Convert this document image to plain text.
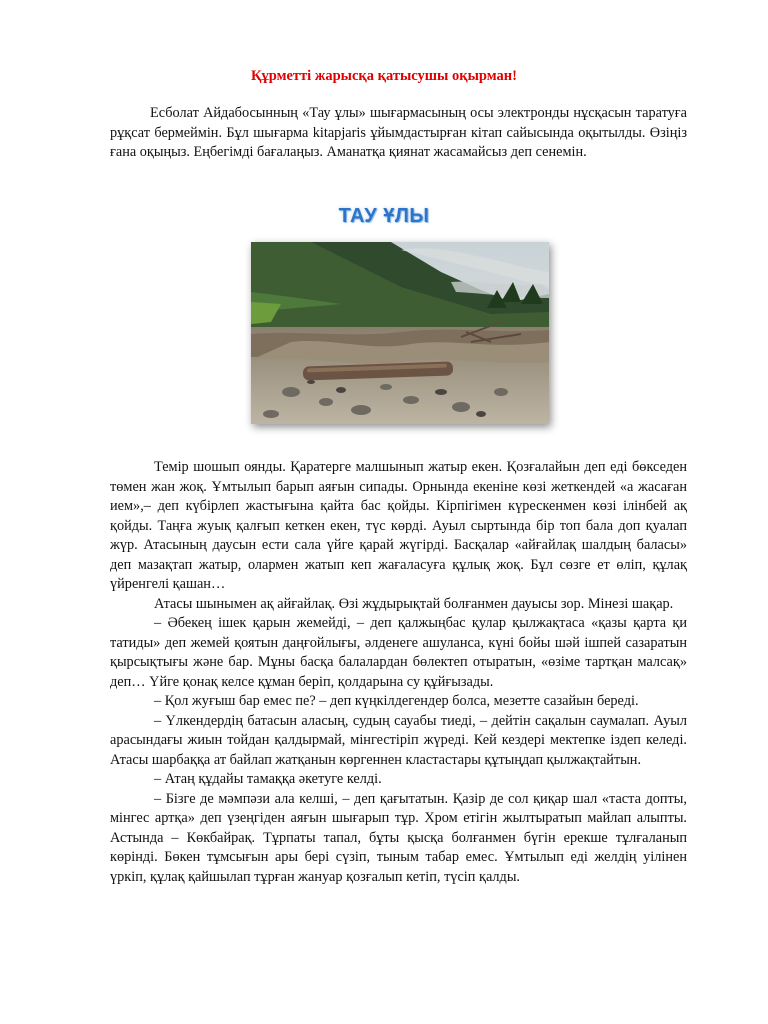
Құрметті жарысқа қатысушы оқырман!
Есболат Айдабосынның «Тау ұлы» шығармасының осы электронды нұсқасын таратуға рұқсат бермеймін. Бұл шығарма kitapjaris ұйымдастырған кітап сайысында оқытылды. Өзіңіз ғана оқыңыз. Еңбегімді бағалаңыз. Аманатқа қиянат жасамайсыз деп сенемін.
ТАУ ҰЛЫ

Темір шошып оянды. Қаратерге малшынып жатыр екен. Қозғалайын деп еді бөкседен төмен жан жоқ. Ұмтылып барып аяғын сипады. Орнында екеніне көзі жеткендей «а жасаған ием»,– деп күбірлеп жастығына қайта бас қойды. Кірпігімен күрескенмен көзі ілінбей ақ қойды. Таңға жуық қалғып кеткен екен, түс көрді. Ауыл сыртында бір топ бала доп қуалап жүр. Атасының даусын ести сала үйге қарай жүгірді. Басқалар «айғайлақ шалдың баласы» деп мазақтап жатыр, олармен жатып кеп жағаласуға құлық жоқ. Бұл сөзге ет өліп, құлақ үйренгелі қашан…

Атасы шынымен ақ айғайлақ. Өзі жұдырықтай болғанмен дауысы зор. Мінезі шақар.

– Әбекең ішек қарын жемейді, – деп қалжыңбас қулар қылжақтаса «қазы қарта қи татиды» деп жемей қоятын даңғойлығы, әлденеге ашуланса, күні бойы шәй ішпей сазаратын қырсықтығы және бар. Мұны басқа балалардан бөлектеп отыратын, «өзіме тартқан малсақ» деп… Үйге қонақ келсе құман беріп, қолдарына су құйғызады.

– Қол жуғыш бар емес пе? – деп күңкілдегендер болса, мезетте сазайын береді.

– Үлкендердің батасын аласың, судың сауабы тиеді, – дейтін сақалын саумалап. Ауыл арасындағы жиын тойдан қалдырмай, мінгестіріп жүреді. Кей кездері мектепке іздеп келеді. Атасы шарбаққа ат байлап жатқанын көргеннен кластастары құтыңдап қылжақтайтын.

– Атаң құдайы тамаққа әкетуге келді.

– Бізге де мәмпәзи ала келші, – деп қағытатын. Қазір де сол қиқар шал «таста допты, мінгес артқа» деп үзеңгіден аяғын шығарып тұр. Хром етігін жылтыратып майлап алыпты. Астында – Көкбайрақ. Тұрпаты тапал, бұты қысқа болғанмен бүгін ерекше тұлғаланып көрінді. Бөкен тұмсығын ары бері сүзіп, тыным табар емес. Ұмтылып еді желдің уілінен үркіп, құлақ қайшылап тұрған жануар қозғалып кетіп, түсіп қалды.
